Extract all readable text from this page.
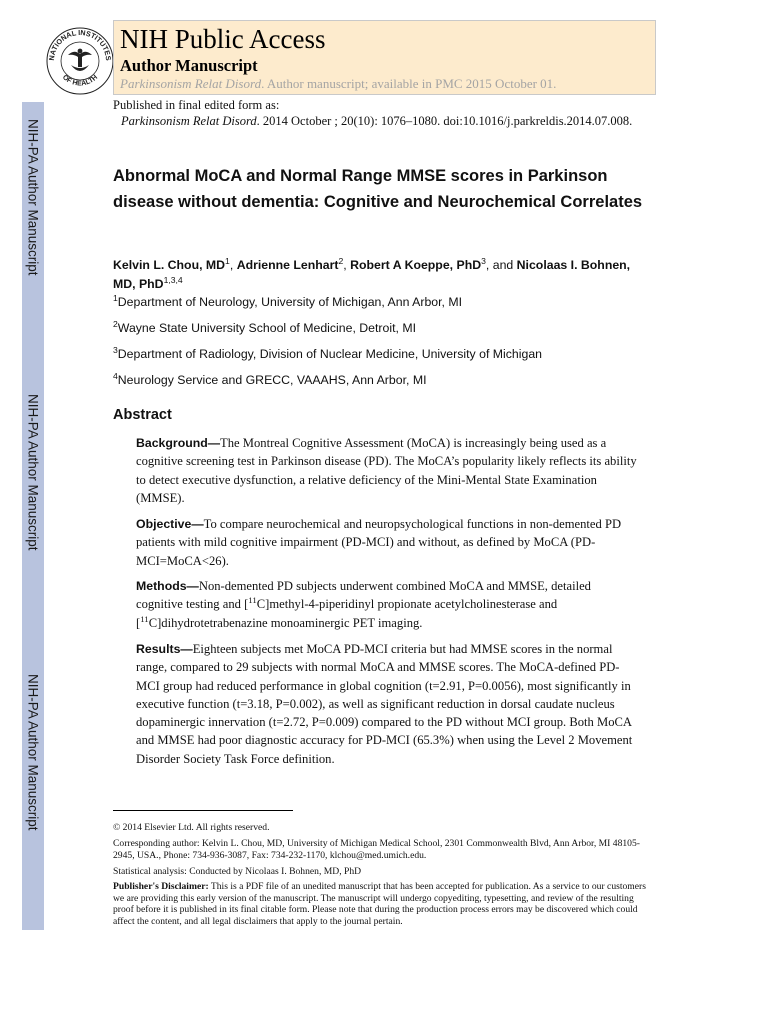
NIH-PA Author Manuscript
NIH-PA Author Manuscript
NIH-PA Author Manuscript
NATIONAL INSTITUTES
OF HEALTH
NIH Public Access
Author Manuscript
Parkinsonism Relat Disord. Author manuscript; available in PMC 2015 October 01.
Published in final edited form as:
Parkinsonism Relat Disord. 2014 October ; 20(10): 1076–1080. doi:10.1016/j.parkreldis.2014.07.008.
Abnormal MoCA and Normal Range MMSE scores in Parkinson disease without dementia: Cognitive and Neurochemical Correlates
Kelvin L. Chou, $MD^1$, Adrienne Lenhart$^2$, Robert A Koeppe, PhD$^3$, and Nicolaas I. Bohnen, MD, PhD$^{1,3,4}$
$^1$Department of Neurology, University of Michigan, Ann Arbor, MI
$^2$Wayne State University School of Medicine, Detroit, MI
$^3$Department of Radiology, Division of Nuclear Medicine, University of Michigan
$^4$Neurology Service and GRECC, VAAAHS, Ann Arbor, MI
Abstract
Background—The Montreal Cognitive Assessment (MoCA) is increasingly being used as a cognitive screening test in Parkinson disease (PD). The MoCA’s popularity likely reflects its ability to detect executive dysfunction, a relative deficiency of the Mini-Mental State Examination (MMSE).
Objective—To compare neurochemical and neuropsychological functions in non-demented PD patients with mild cognitive impairment (PD-MCI) and without, as defined by MoCA (PD-MCI=MoCA<26).
Methods—Non-demented PD subjects underwent combined MoCA and MMSE, detailed cognitive testing and [$^{11}$C]methyl-4-piperidinyl propionate acetylcholinesterase and [$^{11}$C]dihydrotetrabenazine monoaminergic PET imaging.
Results—Eighteen subjects met MoCA PD-MCI criteria but had MMSE scores in the normal range, compared to 29 subjects with normal MoCA and MMSE scores. The MoCA-defined PD-MCI group had reduced performance in global cognition (t=2.91, P=0.0056), most significantly in executive function (t=3.18, P=0.002), as well as significant reduction in dorsal caudate nucleus dopaminergic innervation (t=2.72, P=0.009) compared to the PD without MCI group. Both MoCA and MMSE had poor diagnostic accuracy for PD-MCI (65.3%) when using the Level 2 Movement Disorder Society Task Force definition.
© 2014 Elsevier Ltd. All rights reserved.
Corresponding author: Kelvin L. Chou, MD, University of Michigan Medical School, 2301 Commonwealth Blvd, Ann Arbor, MI 48105-2945, USA., Phone: 734-936-3087, Fax: 734-232-1170, klchou@med.umich.edu.
Statistical analysis: Conducted by Nicolaas I. Bohnen, MD, PhD
Publisher's Disclaimer: This is a PDF file of an unedited manuscript that has been accepted for publication. As a service to our customers we are providing this early version of the manuscript. The manuscript will undergo copyediting, typesetting, and review of the resulting proof before it is published in its final citable form. Please note that during the production process errors may be discovered which could affect the content, and all legal disclaimers that apply to the journal pertain.
